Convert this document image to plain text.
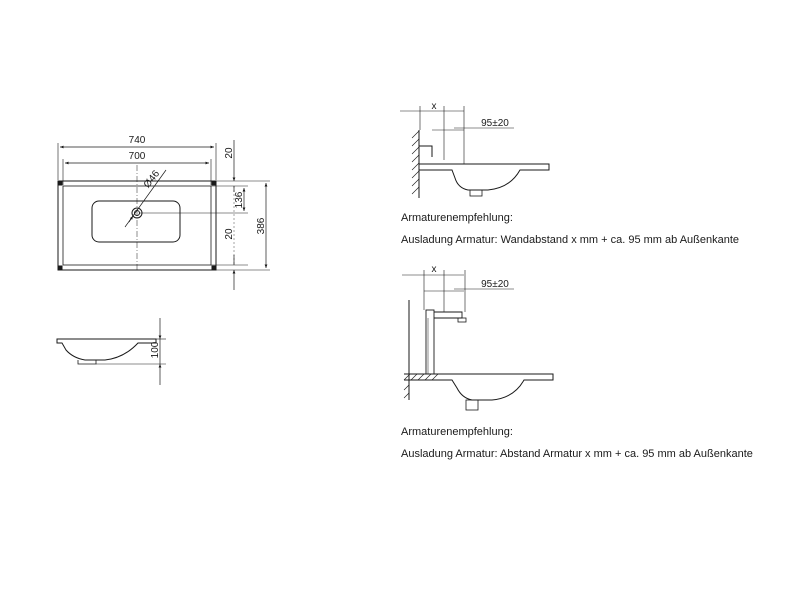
740
700	20
136
20 386
Ø46
100
x
95±20
x
95±20
Armaturenempfehlung:
Ausladung Armatur: Wandabstand x mm + ca. 95 mm ab Außenkante
Armaturenempfehlung:
Ausladung Armatur: Abstand Armatur x mm + ca. 95 mm ab Außenkante
